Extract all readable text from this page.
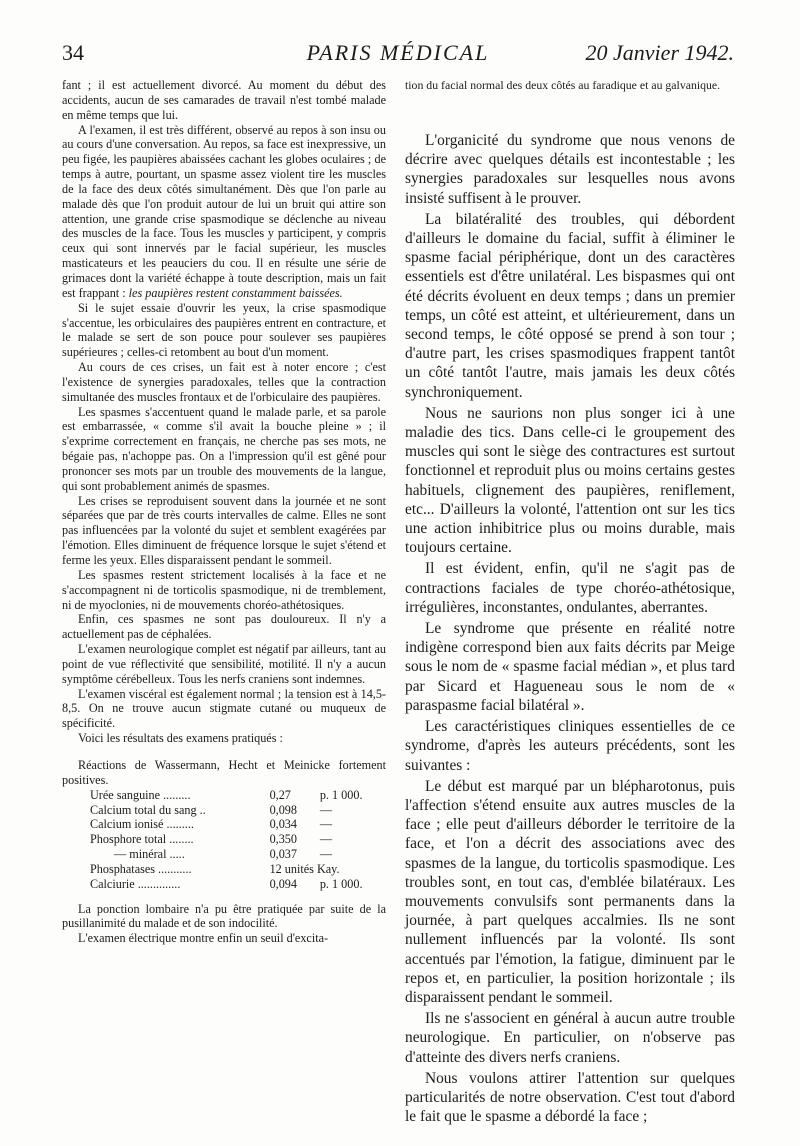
34	PARIS MÉDICAL	20 Janvier 1942.

fant ; il est actuellement divorcé. Au moment du début des accidents, aucun de ses camarades de travail n'est tombé malade en même temps que lui.

A l'examen, il est très différent, observé au repos à son insu ou au cours d'une conversation. Au repos, sa face est inexpressive, un peu figée, les paupières abaissées cachant les globes oculaires ; de temps à autre, pourtant, un spasme assez violent tire les muscles de la face des deux côtés simultanément. Dès que l'on parle au malade dès que l'on produit autour de lui un bruit qui attire son attention, une grande crise spasmodique se déclenche au niveau des muscles de la face. Tous les muscles y participent, y compris ceux qui sont innervés par le facial supérieur, les muscles masticateurs et les peauciers du cou. Il en résulte une série de grimaces dont la variété échappe à toute description, mais un fait est frappant : les paupières restent constamment baissées.

Si le sujet essaie d'ouvrir les yeux, la crise spasmodique s'accentue, les orbiculaires des paupières entrent en contracture, et le malade se sert de son pouce pour soulever ses paupières supérieures ; celles-ci retombent au bout d'un moment.

Au cours de ces crises, un fait est à noter encore ; c'est l'existence de synergies paradoxales, telles que la contraction simultanée des muscles frontaux et de l'orbiculaire des paupières.

Les spasmes s'accentuent quand le malade parle, et sa parole est embarrassée, « comme s'il avait la bouche pleine » ; il s'exprime correctement en français, ne cherche pas ses mots, ne bégaie pas, n'achoppe pas. On a l'impression qu'il est gêné pour prononcer ses mots par un trouble des mouvements de la langue, qui sont probablement animés de spasmes.

Les crises se reproduisent souvent dans la journée et ne sont séparées que par de très courts intervalles de calme. Elles ne sont pas influencées par la volonté du sujet et semblent exagérées par l'émotion. Elles diminuent de fréquence lorsque le sujet s'étend et ferme les yeux. Elles disparaissent pendant le sommeil.

Les spasmes restent strictement localisés à la face et ne s'accompagnent ni de torticolis spasmodique, ni de tremblement, ni de myoclonies, ni de mouvements choréo-athétosiques.

Enfin, ces spasmes ne sont pas douloureux. Il n'y a actuellement pas de céphalées.

L'examen neurologique complet est négatif par ailleurs, tant au point de vue réflectivité que sensibilité, motilité. Il n'y a aucun symptôme cérébelleux. Tous les nerfs craniens sont indemnes.

L'examen viscéral est également normal ; la tension est à 14,5-8,5. On ne trouve aucun stigmate cutané ou muqueux de spécificité.

Voici les résultats des examens pratiqués :

Réactions de Wassermann, Hecht et Meinicke fortement positives.

Urée sanguine .........	0,27	p. 1 000.
Calcium total du sang ..	0,098	—
Calcium ionisé .........	0,034	—
Phosphore total ........	0,350	—
— minéral .....	0,037	—
Phosphatases ...........	12 unités Kay.	
Calciurie ..............	0,094	p. 1 000.

La ponction lombaire n'a pu être pratiquée par suite de la pusillanimité du malade et de son indocilité.

L'examen électrique montre enfin un seuil d'excita-

tion du facial normal des deux côtés au faradique et au galvanique.

L'organicité du syndrome que nous venons de décrire avec quelques détails est incontestable ; les synergies paradoxales sur lesquelles nous avons insisté suffisent à le prouver.

La bilatéralité des troubles, qui débordent d'ailleurs le domaine du facial, suffit à éliminer le spasme facial périphérique, dont un des caractères essentiels est d'être unilatéral. Les bispasmes qui ont été décrits évoluent en deux temps ; dans un premier temps, un côté est atteint, et ultérieurement, dans un second temps, le côté opposé se prend à son tour ; d'autre part, les crises spasmodiques frappent tantôt un côté tantôt l'autre, mais jamais les deux côtés synchroniquement.

Nous ne saurions non plus songer ici à une maladie des tics. Dans celle-ci le groupement des muscles qui sont le siège des contractures est surtout fonctionnel et reproduit plus ou moins certains gestes habituels, clignement des paupières, reniflement, etc... D'ailleurs la volonté, l'attention ont sur les tics une action inhibitrice plus ou moins durable, mais toujours certaine.

Il est évident, enfin, qu'il ne s'agit pas de contractions faciales de type choréo-athétosique, irrégulières, inconstantes, ondulantes, aberrantes.

Le syndrome que présente en réalité notre indigène correspond bien aux faits décrits par Meige sous le nom de « spasme facial médian », et plus tard par Sicard et Hagueneau sous le nom de « paraspasme facial bilatéral ».

Les caractéristiques cliniques essentielles de ce syndrome, d'après les auteurs précédents, sont les suivantes :

Le début est marqué par un blépharotonus, puis l'affection s'étend ensuite aux autres muscles de la face ; elle peut d'ailleurs déborder le territoire de la face, et l'on a décrit des associations avec des spasmes de la langue, du torticolis spasmodique. Les troubles sont, en tout cas, d'emblée bilatéraux. Les mouvements convulsifs sont permanents dans la journée, à part quelques accalmies. Ils ne sont nullement influencés par la volonté. Ils sont accentués par l'émotion, la fatigue, diminuent par le repos et, en particulier, la position horizontale ; ils disparaissent pendant le sommeil.

Ils ne s'associent en général à aucun autre trouble neurologique. En particulier, on n'observe pas d'atteinte des divers nerfs craniens.

Nous voulons attirer l'attention sur quelques particularités de notre observation. C'est tout d'abord le fait que le spasme a débordé la face ;
